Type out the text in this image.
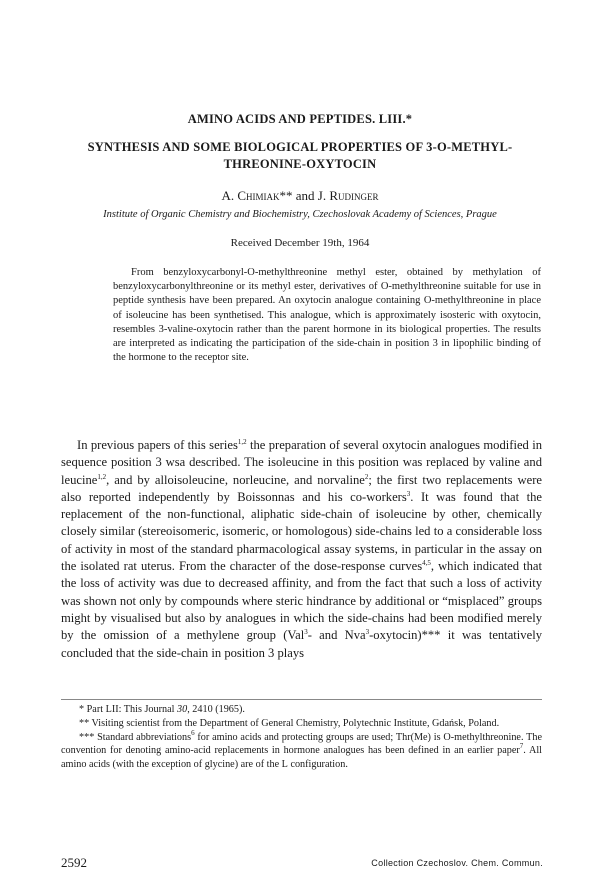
AMINO ACIDS AND PEPTIDES. LIII.*
SYNTHESIS AND SOME BIOLOGICAL PROPERTIES OF 3-O-METHYL-THREONINE-OXYTOCIN
A. Chimiak** and J. Rudinger
Institute of Organic Chemistry and Biochemistry, Czechoslovak Academy of Sciences, Prague
Received December 19th, 1964
From benzyloxycarbonyl-O-methylthreonine methyl ester, obtained by methylation of benzyloxycarbonylthreonine or its methyl ester, derivatives of O-methylthreonine suitable for use in peptide synthesis have been prepared. An oxytocin analogue containing O-methylthreonine in place of isoleucine has been synthetised. This analogue, which is approximately isosteric with oxytocin, resembles 3-valine-oxytocin rather than the parent hormone in its biological properties. The results are interpreted as indicating the participation of the side-chain in position 3 in lipophilic binding of the hormone to the receptor site.
In previous papers of this series$^{1,2}$ the preparation of several oxytocin analogues modified in sequence position 3 wsa described. The isoleucine in this position was replaced by valine and leucine$^{1,2}$, and by alloisoleucine, norleucine, and norvaline$^2$; the first two replacements were also reported independently by Boissonnas and his co-workers$^3$. It was found that the replacement of the non-functional, aliphatic side-chain of isoleucine by other, chemically closely similar (stereoisomeric, isomeric, or homologous) side-chains led to a considerable loss of activity in most of the standard pharmacological assay systems, in particular in the assay on the isolated rat uterus. From the character of the dose-response curves$^{4,5}$, which indicated that the loss of activity was due to decreased affinity, and from the fact that such a loss of activity was shown not only by compounds where steric hindrance by additional or “misplaced” groups might by visualised but also by analogues in which the side-chains had been modified merely by the omission of a methylene group (Val$^3$- and Nva$^3$-oxytocin)*** it was tentatively concluded that the side-chain in position 3 plays

* Part LII: This Journal 30, 2410 (1965).

** Visiting scientist from the Department of General Chemistry, Polytechnic Institute, Gdańsk, Poland.

*** Standard abbreviations$^6$ for amino acids and protecting groups are used; Thr(Me) is O-methylthreonine. The convention for denoting amino-acid replacements in hormone analogues has been defined in an earlier paper$^7$. All amino acids (with the exception of glycine) are of the L configuration.

2592	Collection Czechoslov. Chem. Commun.
